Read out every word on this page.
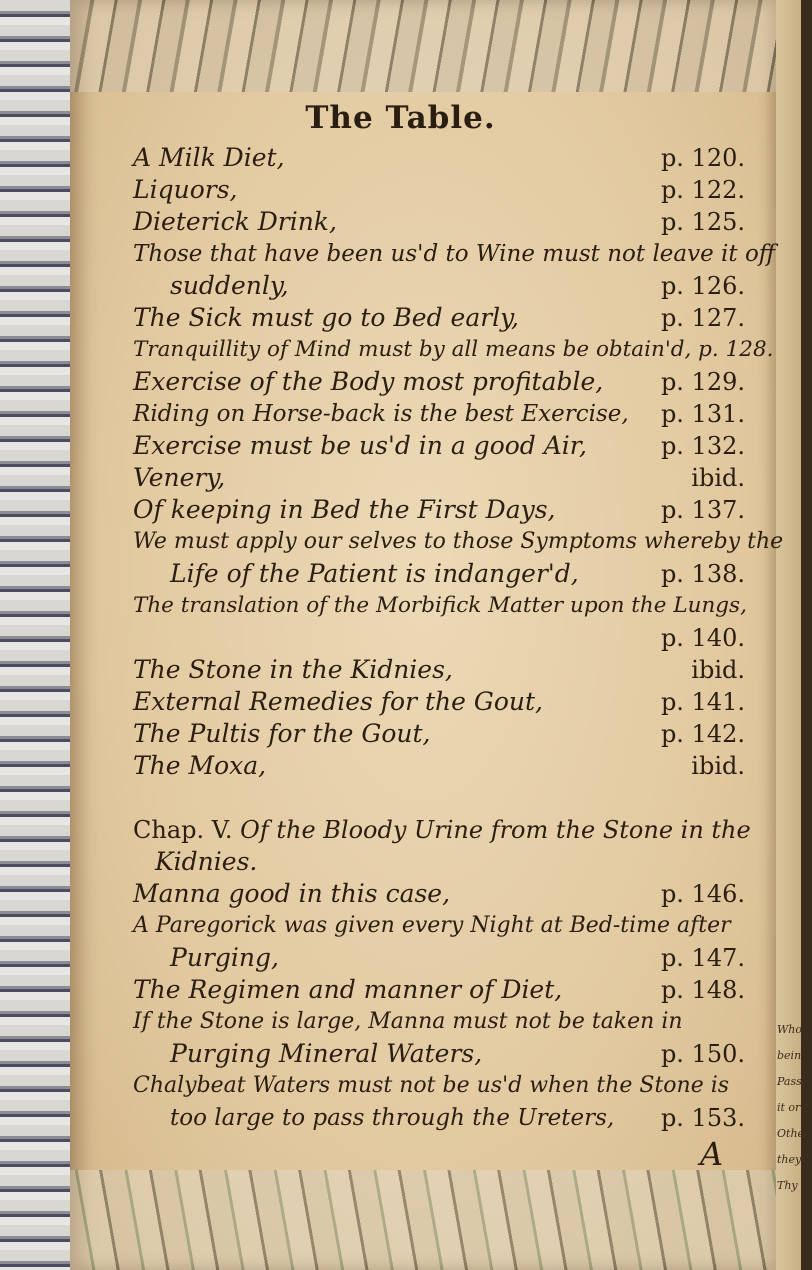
The Table.
A Milk Diet,	p. 120.
Liquors,	p. 122.
Dieterick Drink,	p. 125.
Those that have been us'd to Wine must not leave it off
suddenly,	p. 126.
The Sick must go to Bed early,	p. 127.
Tranquillity of Mind must by all means be obtain'd, p. 128.
Exercise of the Body most profitable, p. 129.
Riding on Horse-back is the best Exercise, p. 131.
Exercise must be us'd in a good Air,	p. 132.
Venery,	ibid.
Of keeping in Bed the First Days,	p. 137.
We must apply our selves to those Symptoms whereby the
Life of the Patient is indanger'd,	p. 138.
The translation of the Morbifick Matter upon the Lungs,
p. 140.
The Stone in the Kidnies,	ibid.
External Remedies for the Gout,	p. 141.
The Pultis for the Gout,	p. 142.
The Moxa,	ibid.
Chap. V. Of the Bloody Urine from the Stone in the
Kidnies.
Manna good in this case,	p. 146.
A Paregorick was given every Night at Bed-time after
Purging,	p. 147.
The Regimen and manner of Diet,	p. 148.
If the Stone is large, Manna must not be taken in
Purging Mineral Waters,	p. 150.
Chalybeat Waters must not be us'd when the Stone is
too large to pass through the Ureters, p. 153.
A
Whole
being
Pass
it or
Other
they
Thy
